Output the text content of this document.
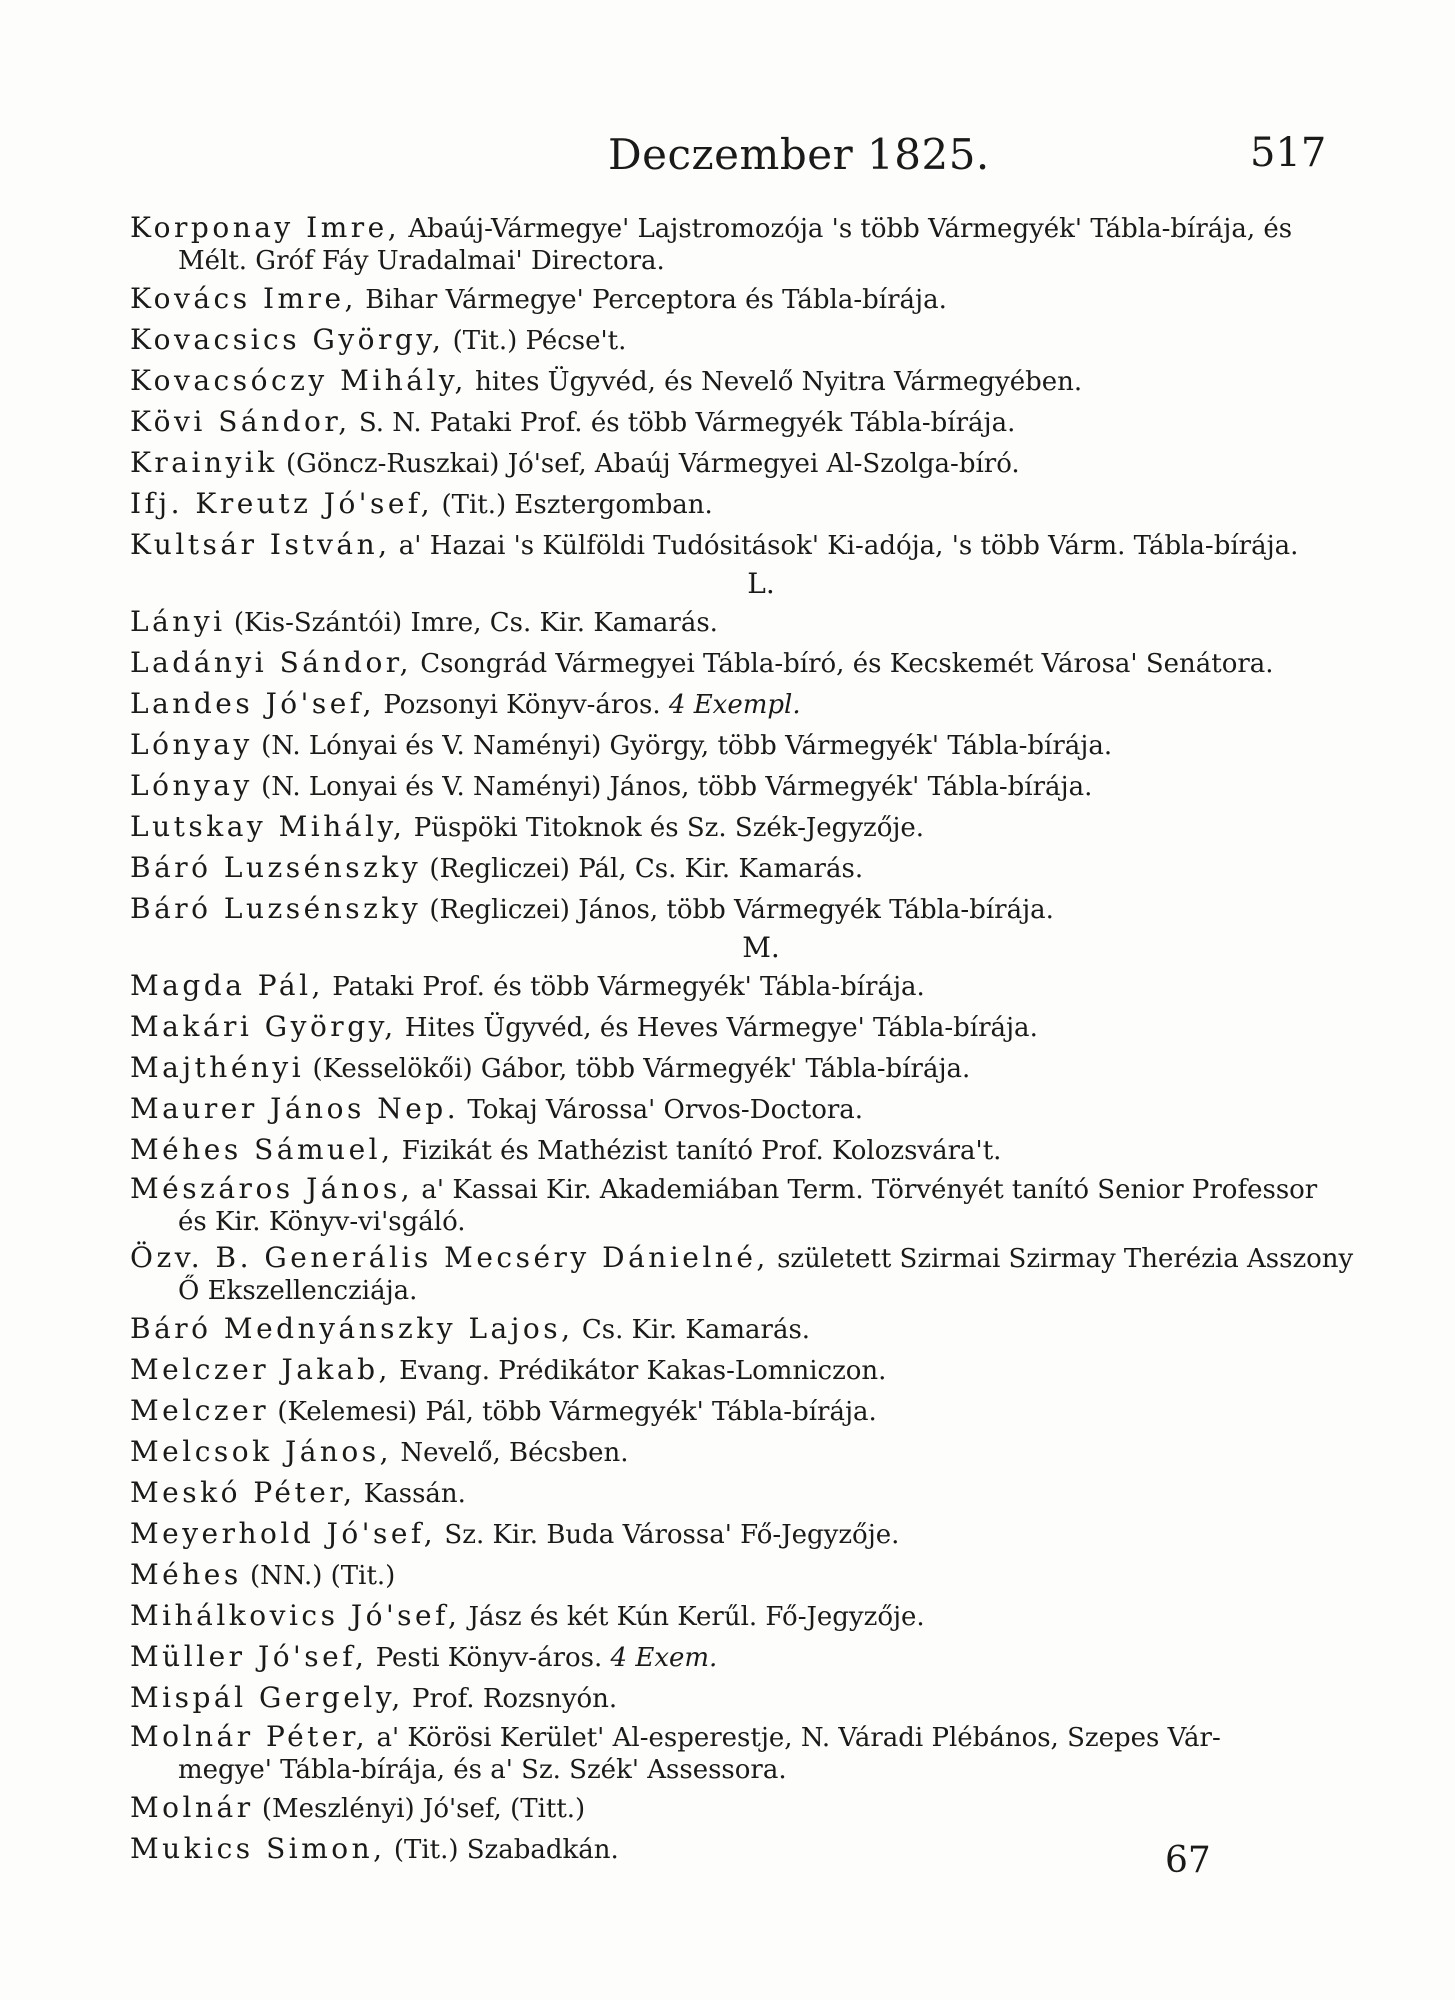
Deczember 1825.	517
Korponay Imre, Abaúj-Vármegye' Lajstromozója 's több Vármegyék' Tábla-bírája, és
Mélt. Gróf Fáy Uradalmai' Directora.
Kovács Imre, Bihar Vármegye' Perceptora és Tábla-bírája.
Kovacsics György, (Tit.) Pécse't.
Kovacsóczy Mihály, hites Ügyvéd, és Nevelő Nyitra Vármegyében.
Kövi Sándor, S. N. Pataki Prof. és több Vármegyék Tábla-bírája.
Krainyik (Göncz-Ruszkai) Jó'sef, Abaúj Vármegyei Al-Szolga-bíró.
Ifj. Kreutz Jó'sef, (Tit.) Esztergomban.
Kultsár István, a' Hazai 's Külföldi Tudósitások' Ki-adója, 's több Várm. Tábla-bírája.
L.
Lányi (Kis-Szántói) Imre, Cs. Kir. Kamarás.
Ladányi Sándor, Csongrád Vármegyei Tábla-bíró, és Kecskemét Városa' Senátora.
Landes Jó'sef, Pozsonyi Könyv-áros. 4 Exempl.
Lónyay (N. Lónyai és V. Naményi) György, több Vármegyék' Tábla-bírája.
Lónyay (N. Lonyai és V. Naményi) János, több Vármegyék' Tábla-bírája.
Lutskay Mihály, Püspöki Titoknok és Sz. Szék-Jegyzője.
Báró Luzsénszky (Regliczei) Pál, Cs. Kir. Kamarás.
Báró Luzsénszky (Regliczei) János, több Vármegyék Tábla-bírája.
M.
Magda Pál, Pataki Prof. és több Vármegyék' Tábla-bírája.
Makári György, Hites Ügyvéd, és Heves Vármegye' Tábla-bírája.
Majthényi (Kesselökői) Gábor, több Vármegyék' Tábla-bírája.
Maurer János Nep. Tokaj Várossa' Orvos-Doctora.
Méhes Sámuel, Fizikát és Mathézist tanító Prof. Kolozsvára't.
Mészáros János, a' Kassai Kir. Akademiában Term. Törvényét tanító Senior Professor
és Kir. Könyv-vi'sgáló.
Özv. B. Generális Mecséry Dánielné, született Szirmai Szirmay Therézia Asszony
Ő Ekszellencziája.
Báró Mednyánszky Lajos, Cs. Kir. Kamarás.
Melczer Jakab, Evang. Prédikátor Kakas-Lomniczon.
Melczer (Kelemesi) Pál, több Vármegyék' Tábla-bírája.
Melcsok János, Nevelő, Bécsben.
Meskó Péter, Kassán.
Meyerhold Jó'sef, Sz. Kir. Buda Várossa' Fő-Jegyzője.
Méhes (NN.) (Tit.)
Mihálkovics Jó'sef, Jász és két Kún Kerűl. Fő-Jegyzője.
Müller Jó'sef, Pesti Könyv-áros. 4 Exem.
Mispál Gergely, Prof. Rozsnyón.
Molnár Péter, a' Körösi Kerület' Al-esperestje, N. Váradi Plébános, Szepes Vár-
megye' Tábla-bírája, és a' Sz. Szék' Assessora.
Molnár (Meszlényi) Jó'sef, (Titt.)
Mukics Simon, (Tit.) Szabadkán.	67
